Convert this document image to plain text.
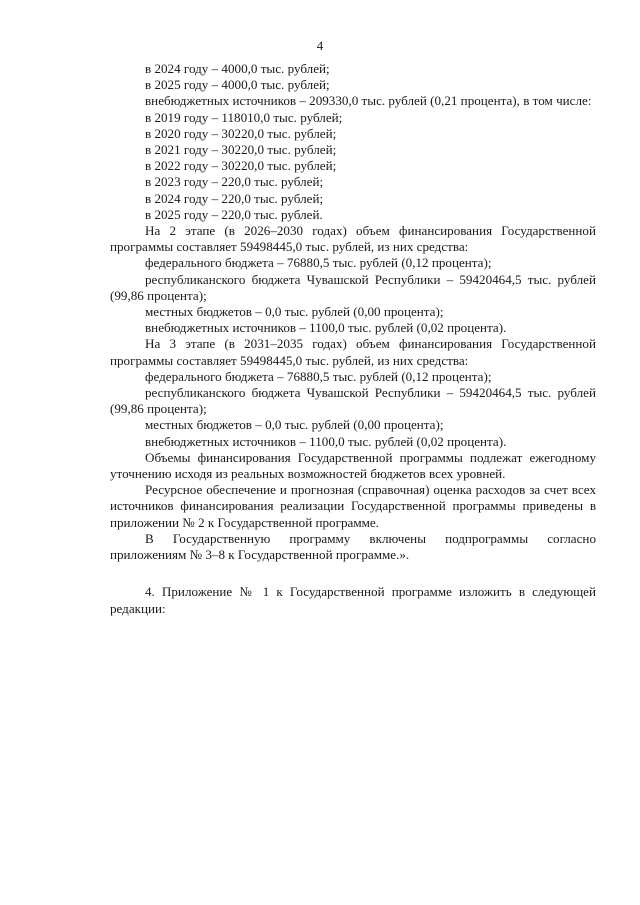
4

в 2024 году – 4000,0 тыс. рублей;

в 2025 году – 4000,0 тыс. рублей;

внебюджетных источников – 209330,0 тыс. рублей (0,21 процента), в том числе:

в 2019 году – 118010,0 тыс. рублей;

в 2020 году – 30220,0 тыс. рублей;

в 2021 году – 30220,0 тыс. рублей;

в 2022 году – 30220,0 тыс. рублей;

в 2023 году – 220,0 тыс. рублей;

в 2024 году – 220,0 тыс. рублей;

в 2025 году – 220,0 тыс. рублей.

На 2 этапе (в 2026–2030 годах) объем финансирования Государственной программы составляет 59498445,0 тыс. рублей, из них средства:

федерального бюджета – 76880,5 тыс. рублей (0,12 процента);

республиканского бюджета Чувашской Республики – 59420464,5 тыс. рублей (99,86 процента);

местных бюджетов – 0,0 тыс. рублей (0,00 процента);

внебюджетных источников – 1100,0 тыс. рублей (0,02 процента).

На 3 этапе (в 2031–2035 годах) объем финансирования Государственной программы составляет 59498445,0 тыс. рублей, из них средства:

федерального бюджета – 76880,5 тыс. рублей (0,12 процента);

республиканского бюджета Чувашской Республики – 59420464,5 тыс. рублей (99,86 процента);

местных бюджетов – 0,0 тыс. рублей (0,00 процента);

внебюджетных источников – 1100,0 тыс. рублей (0,02 процента).

Объемы финансирования Государственной программы подлежат ежегодному уточнению исходя из реальных возможностей бюджетов всех уровней.

Ресурсное обеспечение и прогнозная (справочная) оценка расходов за счет всех источников финансирования реализации Государственной программы приведены в приложении № 2 к Государственной программе.

В Государственную программу включены подпрограммы согласно приложениям № 3–8 к Государственной программе.».

4. Приложение № 1 к Государственной программе изложить в следующей редакции:
